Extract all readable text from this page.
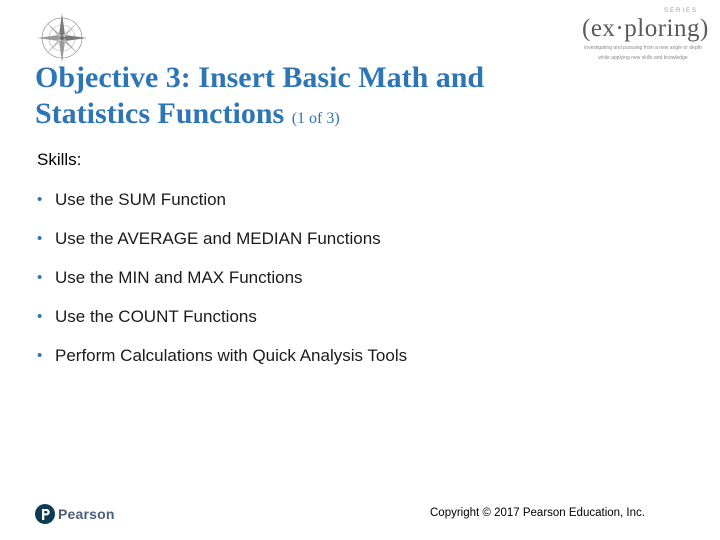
SERIES
(ex·ploring)
investigating and pursuing from a new angle or depth
while applying new skills and knowledge
Objective 3: Insert Basic Math and
Statistics Functions (1 of 3)

Skills:

• Use the SUM Function
• Use the AVERAGE and MEDIAN Functions
• Use the MIN and MAX Functions
• Use the COUNT Functions
• Perform Calculations with Quick Analysis Tools
Pearson	Copyright © 2017 Pearson Education, Inc.
